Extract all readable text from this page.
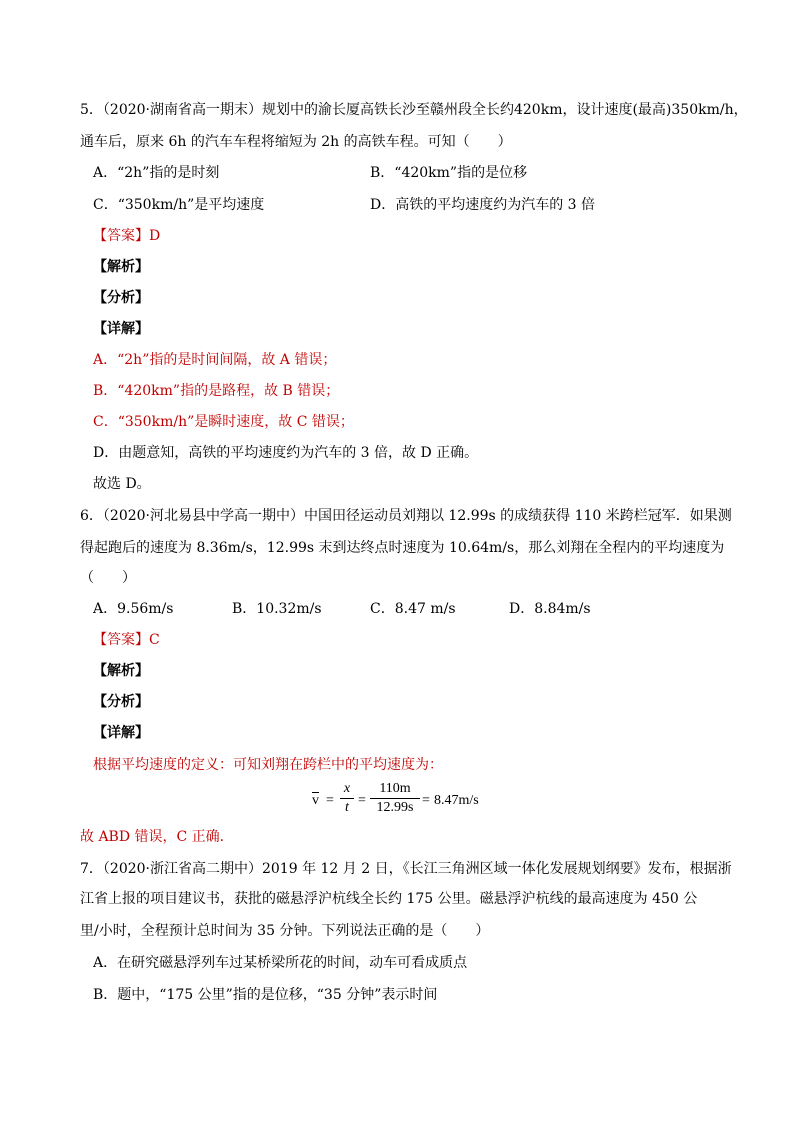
5．（2020·湖南省高一期末）规划中的渝长厦高铁长沙至赣州段全长约420km，设计速度(最高)350km/h，
通车后，原来 6h 的汽车车程将缩短为 2h 的高铁车程。可知（　　）
A．“2h”指的是时刻	B．“420km”指的是位移
C．“350km/h”是平均速度	D．高铁的平均速度约为汽车的 3 倍
【答案】D
【解析】
【分析】
【详解】
A．“2h”指的是时间间隔，故 A 错误；
B．“420km”指的是路程，故 B 错误；
C．“350km/h”是瞬时速度，故 C 错误；
D．由题意知，高铁的平均速度约为汽车的 3 倍，故 D 正确。
故选 D。
6．（2020·河北易县中学高一期中）中国田径运动员刘翔以 12.99s 的成绩获得 110 米跨栏冠军．如果测
得起跑后的速度为 8.36m/s，12.99s 末到达终点时速度为 10.64m/s，那么刘翔在全程内的平均速度为
（　　）
A．9.56m/s	B．10.32m/s	C．8.47 m/s	D．8.84m/s
【答案】C
【解析】
【分析】
【详解】
根据平均速度的定义：可知刘翔在跨栏中的平均速度为：
$\overline{v} = \frac{x}{t} = \frac{110m}{12.99s} = 8.47m/s$
故 ABD 错误，C 正确．
7．（2020·浙江省高二期中）2019 年 12 月 2 日，《长江三角洲区域一体化发展规划纲要》发布，根据浙
江省上报的项目建议书，获批的磁悬浮沪杭线全长约 175 公里。磁悬浮沪杭线的最高速度为 450 公
里/小时，全程预计总时间为 35 分钟。下列说法正确的是（　　）
A．在研究磁悬浮列车过某桥梁所花的时间，动车可看成质点
B．题中，“175 公里”指的是位移，“35 分钟”表示时间
